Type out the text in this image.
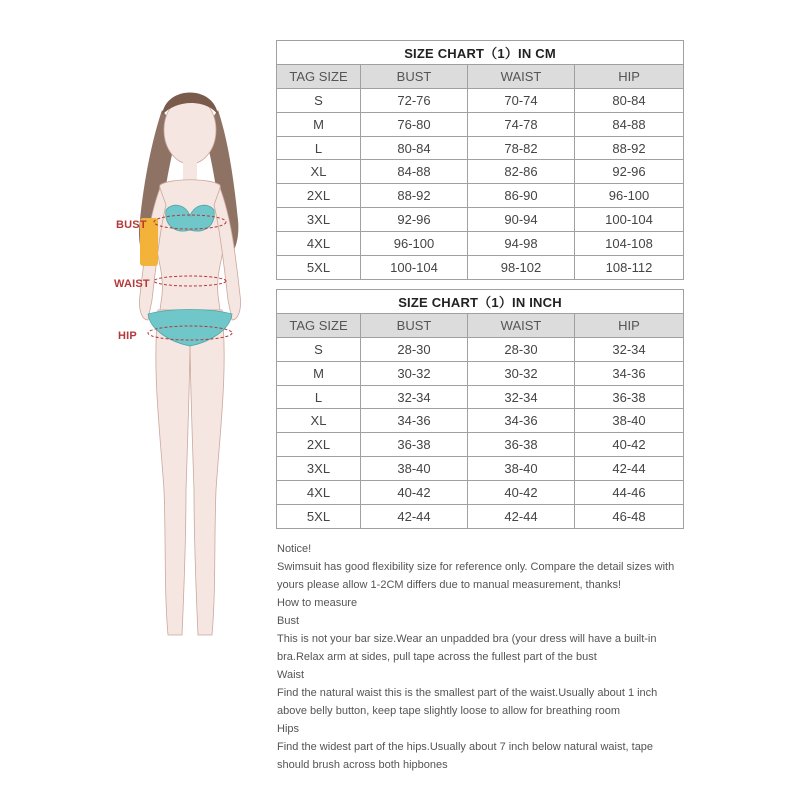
BUST
WAIST
HIP
SIZE CHART（1）IN CM			
TAG SIZE	BUST	WAIST	HIP
S	72-76	70-74	80-84
M	76-80	74-78	84-88
L	80-84	78-82	88-92
XL	84-88	82-86	92-96
2XL	88-92	86-90	96-100
3XL	92-96	90-94	100-104
4XL	96-100	94-98	104-108
5XL	100-104	98-102	108-112
SIZE CHART（1）IN INCH			
TAG SIZE	BUST	WAIST	HIP
S	28-30	28-30	32-34
M	30-32	30-32	34-36
L	32-34	32-34	36-38
XL	34-36	34-36	38-40
2XL	36-38	36-38	40-42
3XL	38-40	38-40	42-44
4XL	40-42	40-42	44-46
5XL	42-44	42-44	46-48

Notice!

Swimsuit has good flexibility size for reference only. Compare the detail sizes with

yours please allow 1-2CM differs due to manual measurement, thanks!

How to measure

Bust

This is not your bar size.Wear an unpadded bra (your dress will have a built-in

bra.Relax arm at sides, pull tape across the fullest part of the bust

Waist

Find the natural waist this is the smallest part of the waist.Usually about 1 inch

above belly button, keep tape slightly loose to allow for breathing room

Hips

Find the widest part of the hips.Usually about 7 inch below natural waist, tape

should brush across both hipbones
